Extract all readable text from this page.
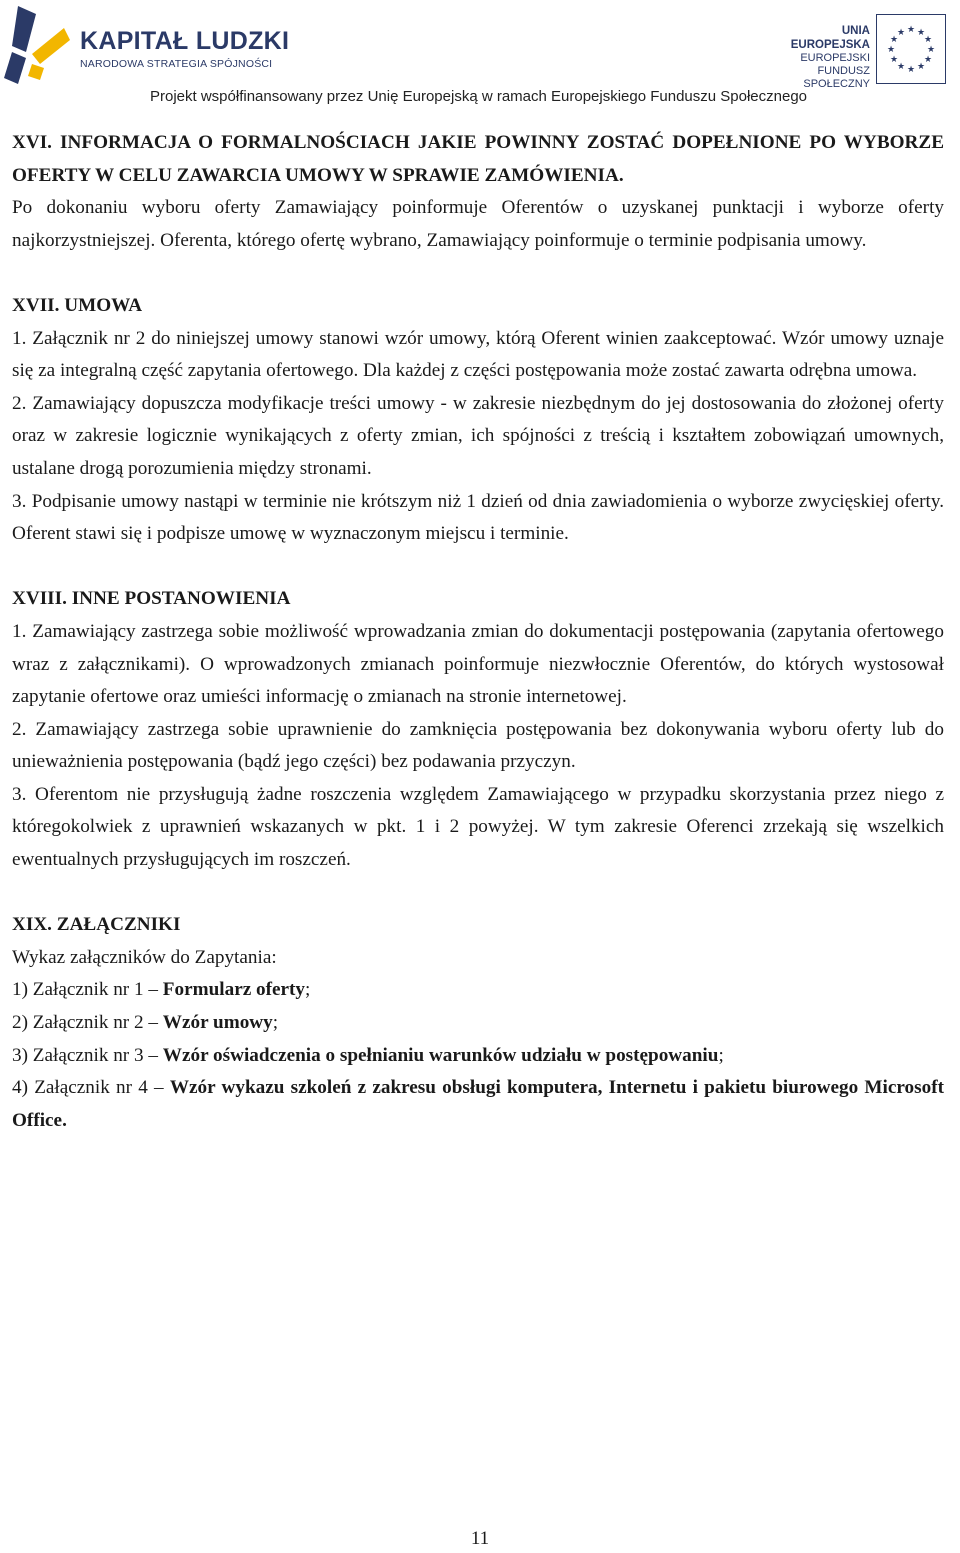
KAPITAŁ LUDZKI
NARODOWA STRATEGIA SPÓJNOŚCI
UNIA EUROPEJSKA
EUROPEJSKI
FUNDUSZ SPOŁECZNY
★ ★
★
★
★
★
★
★
★
★
★
★
Projekt współfinansowany przez Unię Europejską w ramach Europejskiego Funduszu Społecznego

XVI. INFORMACJA O FORMALNOŚCIACH JAKIE POWINNY ZOSTAĆ DOPEŁNIONE PO WYBORZE OFERTY W CELU ZAWARCIA UMOWY W SPRAWIE ZAMÓWIENIA.

Po dokonaniu wyboru oferty Zamawiający poinformuje Oferentów o uzyskanej punktacji i wyborze oferty najkorzystniejszej. Oferenta, którego ofertę wybrano, Zamawiający poinformuje o terminie podpisania umowy.

XVII. UMOWA

1. Załącznik nr 2 do niniejszej umowy stanowi wzór umowy, którą Oferent winien zaakceptować. Wzór umowy uznaje się za integralną część zapytania ofertowego. Dla każdej z części postępowania może zostać zawarta odrębna umowa.

2. Zamawiający dopuszcza modyfikacje treści umowy - w zakresie niezbędnym do jej dostosowania do złożonej oferty oraz w zakresie logicznie wynikających z oferty zmian, ich spójności z treścią i kształtem zobowiązań umownych, ustalane drogą porozumienia między stronami.

3. Podpisanie umowy nastąpi w terminie nie krótszym niż 1 dzień od dnia zawiadomienia o wyborze zwycięskiej oferty. Oferent stawi się i podpisze umowę w wyznaczonym miejscu i terminie.

XVIII. INNE POSTANOWIENIA

1. Zamawiający zastrzega sobie możliwość wprowadzania zmian do dokumentacji postępowania (zapytania ofertowego wraz z załącznikami). O wprowadzonych zmianach poinformuje niezwłocznie Oferentów, do których wystosował zapytanie ofertowe oraz umieści informację o zmianach na stronie internetowej.

2. Zamawiający zastrzega sobie uprawnienie do zamknięcia postępowania bez dokonywania wyboru oferty lub do unieważnienia postępowania (bądź jego części) bez podawania przyczyn.

3. Oferentom nie przysługują żadne roszczenia względem Zamawiającego w przypadku skorzystania przez niego z któregokolwiek z uprawnień wskazanych w pkt. 1 i 2 powyżej. W tym zakresie Oferenci zrzekają się wszelkich ewentualnych przysługujących im roszczeń.

XIX. ZAŁĄCZNIKI

Wykaz załączników do Zapytania:

1) Załącznik nr 1 – Formularz oferty;

2) Załącznik nr 2 – Wzór umowy;

3) Załącznik nr 3 – Wzór oświadczenia o spełnianiu warunków udziału w postępowaniu;

4) Załącznik nr 4 – Wzór wykazu szkoleń z zakresu obsługi komputera, Internetu i pakietu biurowego Microsoft Office.

11
